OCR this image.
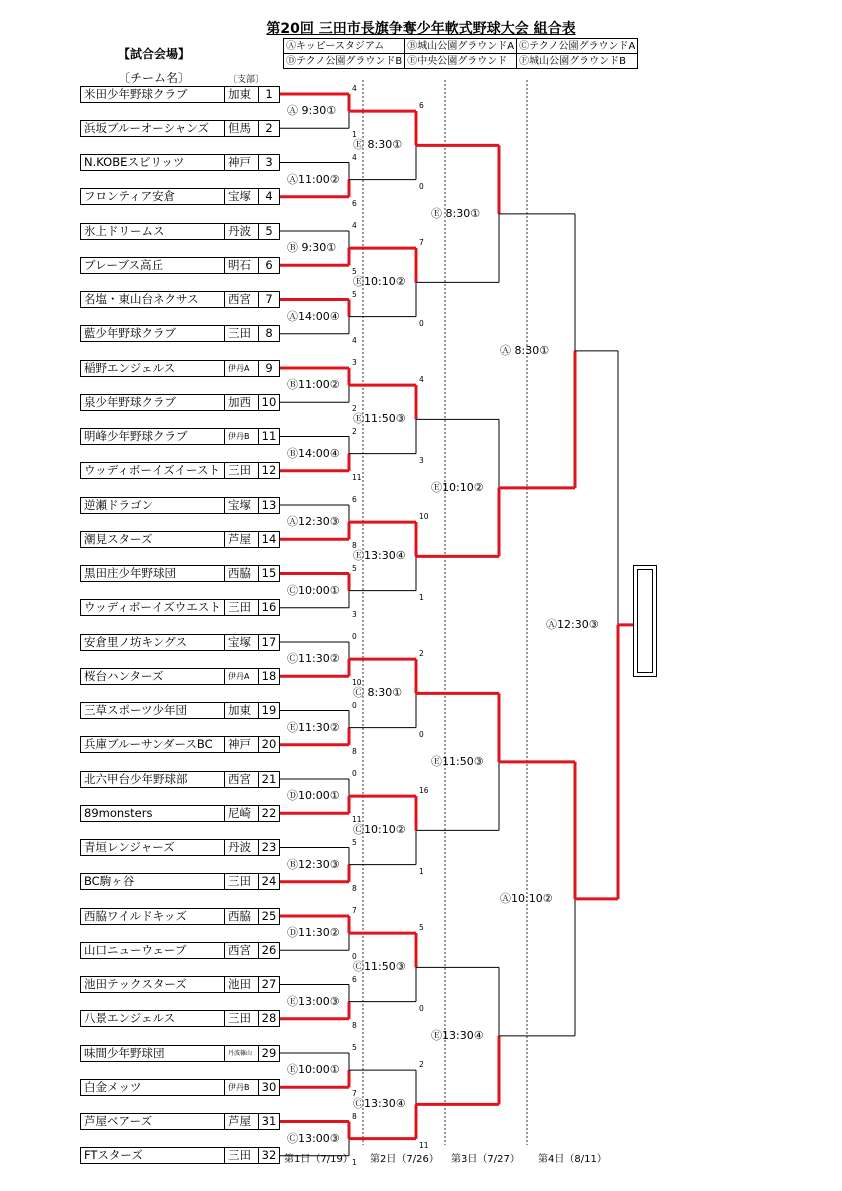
第20回 三田市長旗争奪少年軟式野球大会 組合表
【試合会場】
Ⓐキッピースタジアム	Ⓑ城山公園グラウンドA	Ⓒテクノ公園グラウンドA
Ⓓテクノ公園グラウンドB	Ⓔ中央公園グラウンド	Ⓕ城山公園グラウンドB
〔チーム名〕	〔支部〕
米田少年野球クラブ	加東	1
浜坂ブルーオーシャンズ	但馬	2
N.KOBEスピリッツ	神戸	3
フロンティア安倉	宝塚	4
氷上ドリームス	丹波	5
ブレーブス高丘	明石	6
名塩・東山台ネクサス	西宮	7
藍少年野球クラブ	三田	8
稲野エンジェルス	伊丹A	9
泉少年野球クラブ	加西 10
明峰少年野球クラブ	伊丹B	11
ウッディボーイズイースト 三田 12
逆瀬ドラゴン	宝塚 13
潮見スターズ	芦屋 14
黒田庄少年野球団	西脇 15
ウッディボーイズウエスト 三田 16
安倉里ノ坊キングス	宝塚 17
桜台ハンターズ	伊丹A	18
三草スポーツ少年団	加東 19
兵庫ブルーサンダースBC	神戸 20
北六甲台少年野球部	西宮 21
89monsters	尼崎 22
青垣レンジャーズ	丹波 23
BC駒ヶ谷	三田 24
西脇ワイルドキッズ	西脇 25
山口ニューウェーブ	西宮 26
池田テックスターズ	池田 27
八景エンジェルス	三田 28
味間少年野球団	丹波篠山 29
白金メッツ	伊丹B	30
芦屋ベアーズ	芦屋 31
FTスターズ	三田 32
Ⓐ 9:30①
4
1
Ⓐ11:00②
4
6
Ⓑ 9:30①
4
5
Ⓐ14:00④
5
4
Ⓑ11:00②
3
2
Ⓑ14:00④
2
11
Ⓐ12:30③
6
8
Ⓒ10:00①
5
3
Ⓒ11:30②
0
10
Ⓔ11:30②
0
8
Ⓓ10:00①
0
11
Ⓑ12:30③
5
8
Ⓓ11:30②
7
0
Ⓔ13:00③
6
8
Ⓔ10:00①
5
7
Ⓒ13:00③
8
1
Ⓔ 8:30①
6
0
Ⓔ10:10②
7
0
Ⓔ11:50③
4
3
Ⓔ13:30④
10
1
Ⓒ 8:30①
2
0
Ⓒ10:10②
16
1
Ⓒ11:50③
5
0
Ⓒ13:30④
2
11
Ⓔ 8:30①
Ⓔ10:10②
Ⓔ11:50③
Ⓔ13:30④
Ⓐ 8:30①
Ⓐ10:10②
Ⓐ12:30③
第1日（7/19） 第2日（7/26） 第3日（7/27） 第4日（8/11）
